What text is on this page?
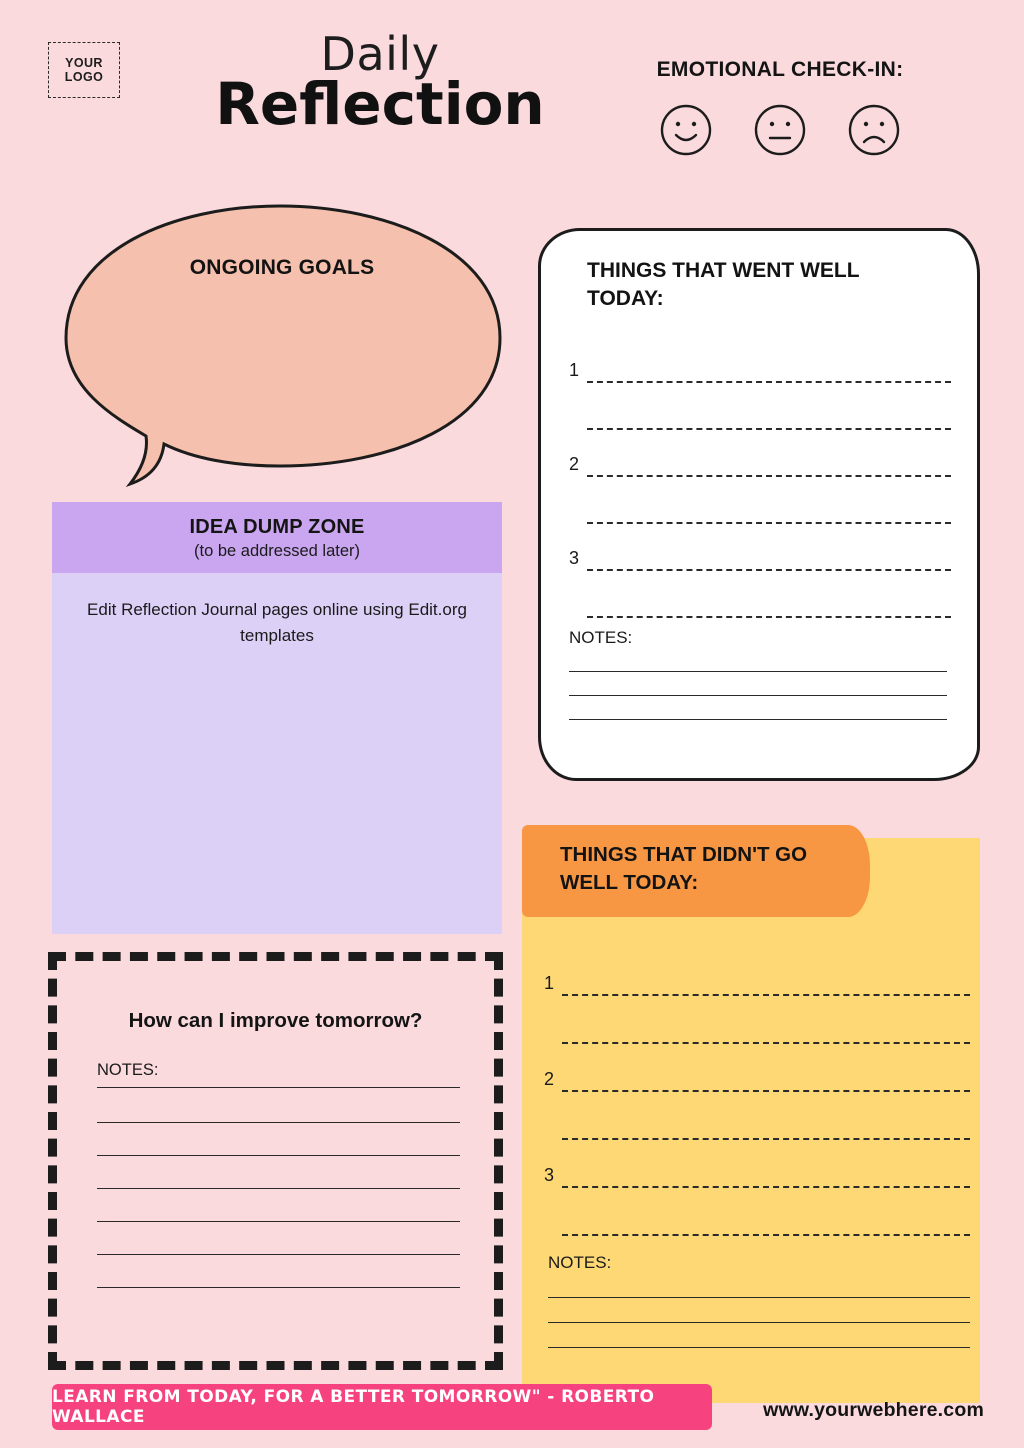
YOUR
LOGO	Daily
Reflection
EMOTIONAL CHECK-IN:
ONGOING GOALS
IDEA DUMP ZONE
(to be addressed later)
Edit Reflection Journal pages online using Edit.org templates
THINGS THAT WENT WELL TODAY:
1
2
3
NOTES:
THINGS THAT DIDN'T GO WELL TODAY:
1
2
3
NOTES:
How can I improve tomorrow?
NOTES:
LEARN FROM TODAY, FOR A BETTER TOMORROW" - ROBERTO WALLACE	www.yourwebhere.com
